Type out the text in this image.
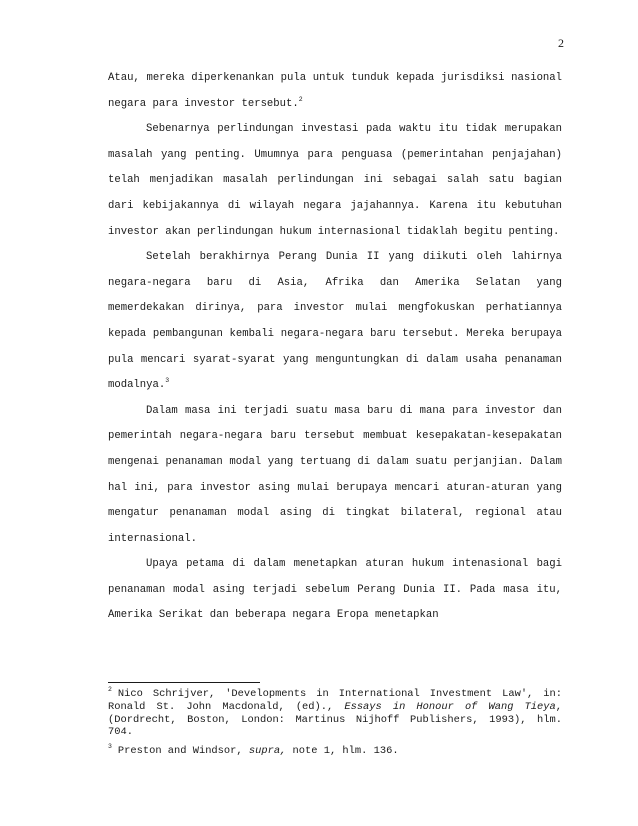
2

Atau, mereka diperkenankan pula untuk tunduk kepada jurisdiksi nasional negara para investor tersebut.$^2$

Sebenarnya perlindungan investasi pada waktu itu tidak merupakan masalah yang penting. Umumnya para penguasa (pemerintahan penjajahan) telah menjadikan masalah perlindungan ini sebagai salah satu bagian dari kebijakannya di wilayah negara jajahannya. Karena itu kebutuhan investor akan perlindungan hukum internasional tidaklah begitu penting.

Setelah berakhirnya Perang Dunia II yang diikuti oleh lahirnya negara-negara baru di Asia, Afrika dan Amerika Selatan yang memerdekakan dirinya, para investor mulai mengfokuskan perhatiannya kepada pembangunan kembali negara-negara baru tersebut. Mereka berupaya pula mencari syarat-syarat yang menguntungkan di dalam usaha penanaman modalnya.$^3$

Dalam masa ini terjadi suatu masa baru di mana para investor dan pemerintah negara-negara baru tersebut membuat kesepakatan-kesepakatan mengenai penanaman modal yang tertuang di dalam suatu perjanjian. Dalam hal ini, para investor asing mulai berupaya mencari aturan-aturan yang mengatur penanaman modal asing di tingkat bilateral, regional atau internasional.

Upaya petama di dalam menetapkan aturan hukum intenasional bagi penanaman modal asing terjadi sebelum Perang Dunia II. Pada masa itu, Amerika Serikat dan beberapa negara Eropa menetapkan

$^2$ Nico Schrijver, 'Developments in International Investment Law', in: Ronald St. John Macdonald, (ed)., Essays in Honour of Wang Tieya, (Dordrecht, Boston, London: Martinus Nijhoff Publishers, 1993), hlm. 704.

$^3$ Preston and Windsor, supra, note 1, hlm. 136.
